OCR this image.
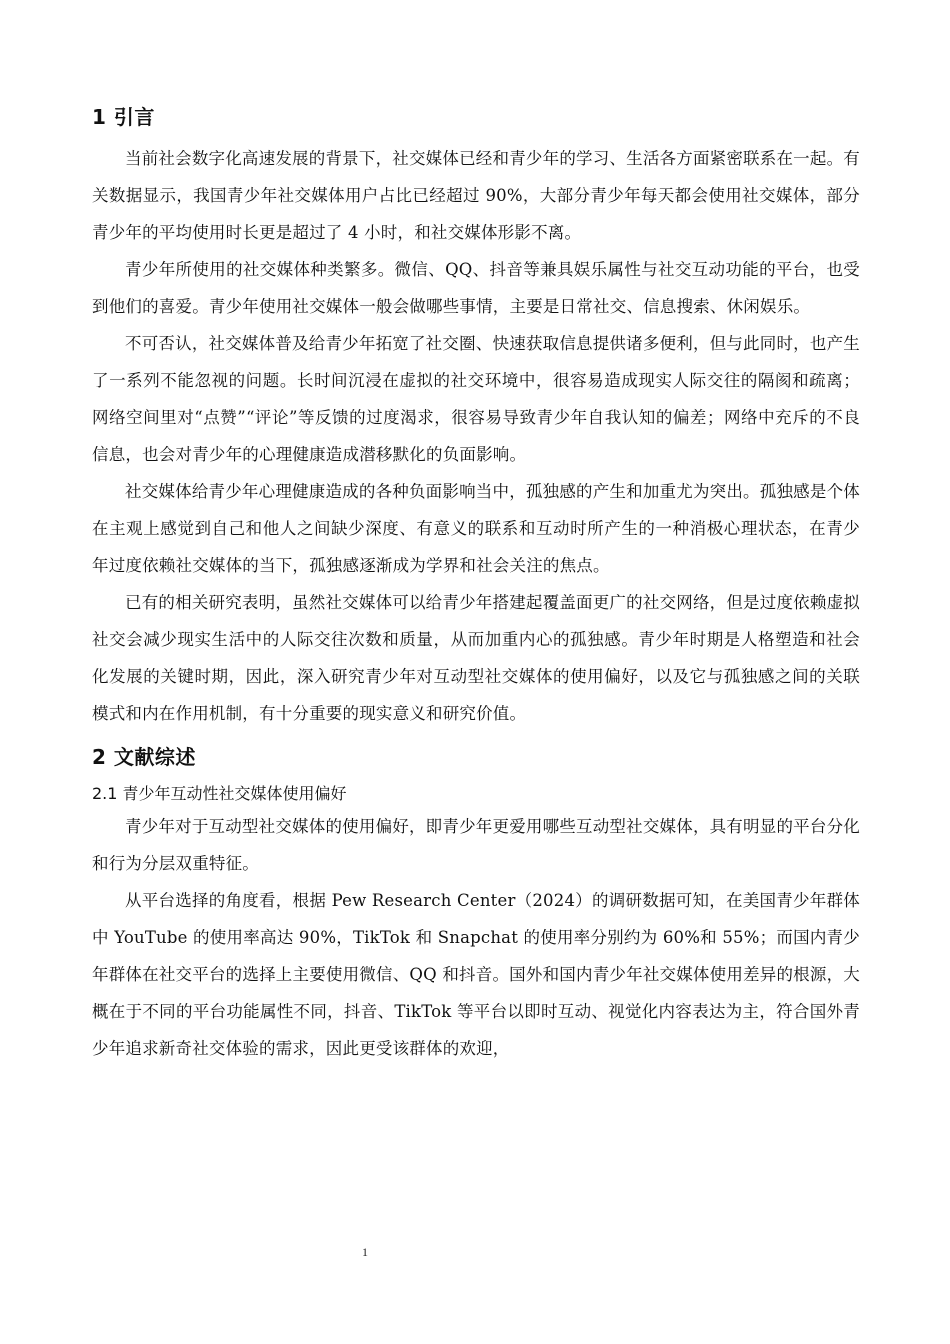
1 引言

当前社会数字化高速发展的背景下，社交媒体已经和青少年的学习、生活各方面紧密联系在一起。有关数据显示，我国青少年社交媒体用户占比已经超过 90%，大部分青少年每天都会使用社交媒体，部分青少年的平均使用时长更是超过了 4 小时，和社交媒体形影不离。

青少年所使用的社交媒体种类繁多。微信、QQ、抖音等兼具娱乐属性与社交互动功能的平台，也受到他们的喜爱。青少年使用社交媒体一般会做哪些事情，主要是日常社交、信息搜索、休闲娱乐。

不可否认，社交媒体普及给青少年拓宽了社交圈、快速获取信息提供诸多便利，但与此同时，也产生了一系列不能忽视的问题。长时间沉浸在虚拟的社交环境中，很容易造成现实人际交往的隔阂和疏离；网络空间里对“点赞”“评论”等反馈的过度渴求，很容易导致青少年自我认知的偏差；网络中充斥的不良信息，也会对青少年的心理健康造成潜移默化的负面影响。

社交媒体给青少年心理健康造成的各种负面影响当中，孤独感的产生和加重尤为突出。孤独感是个体在主观上感觉到自己和他人之间缺少深度、有意义的联系和互动时所产生的一种消极心理状态，在青少年过度依赖社交媒体的当下，孤独感逐渐成为学界和社会关注的焦点。

已有的相关研究表明，虽然社交媒体可以给青少年搭建起覆盖面更广的社交网络，但是过度依赖虚拟社交会减少现实生活中的人际交往次数和质量，从而加重内心的孤独感。青少年时期是人格塑造和社会化发展的关键时期，因此，深入研究青少年对互动型社交媒体的使用偏好，以及它与孤独感之间的关联模式和内在作用机制，有十分重要的现实意义和研究价值。

2 文献综述
2.1 青少年互动性社交媒体使用偏好

青少年对于互动型社交媒体的使用偏好，即青少年更爱用哪些互动型社交媒体，具有明显的平台分化和行为分层双重特征。

从平台选择的角度看，根据 Pew Research Center（2024）的调研数据可知，在美国青少年群体中 YouTube 的使用率高达 90%，TikTok 和 Snapchat 的使用率分别约为 60%和 55%；而国内青少年群体在社交平台的选择上主要使用微信、QQ 和抖音。国外和国内青少年社交媒体使用差异的根源，大概在于不同的平台功能属性不同，抖音、TikTok 等平台以即时互动、视觉化内容表达为主，符合国外青少年追求新奇社交体验的需求，因此更受该群体的欢迎，

1
